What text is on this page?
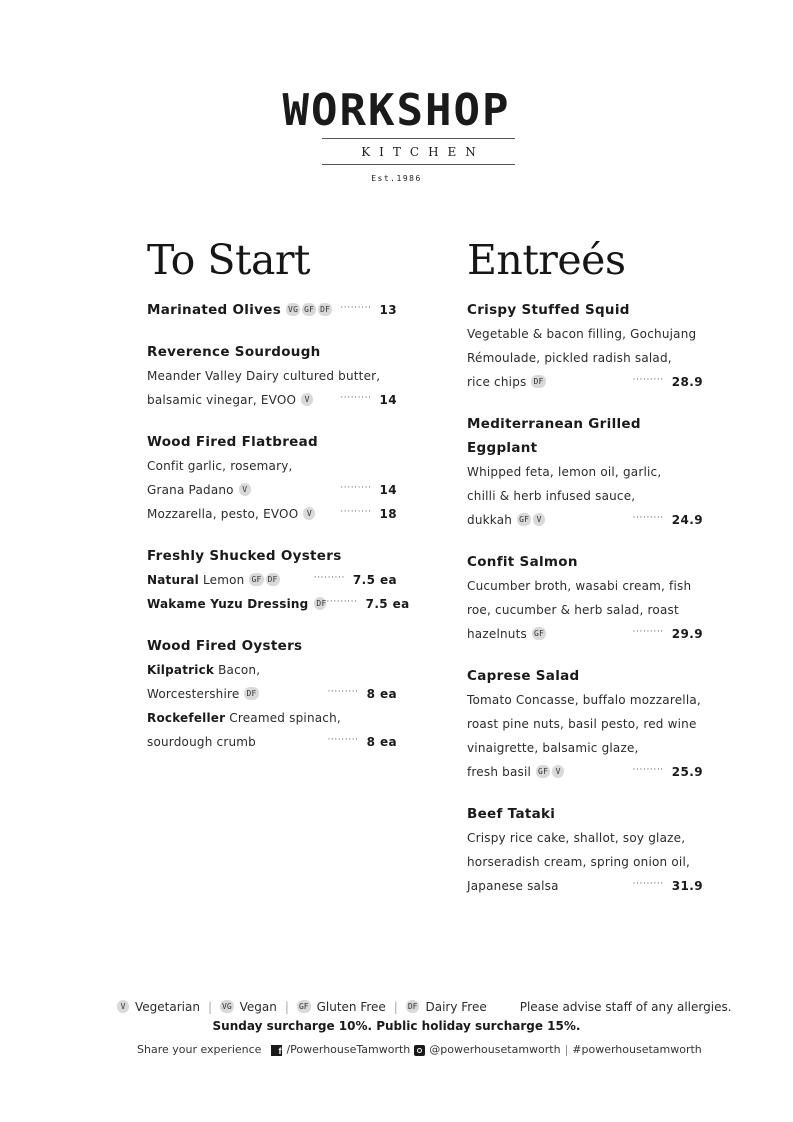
WORKSHOP
KITCHEN
Est.1986
To Start
Marinated Olives VG GF DF ········· 13
Reverence Sourdough
Meander Valley Dairy cultured butter,
balsamic vinegar, EVOO	V	········· 14
Wood Fired Flatbread
Confit garlic, rosemary,
Grana Padano	V	········· 14
Mozzarella, pesto, EVOO	V	········· 18
Freshly Shucked Oysters
Natural Lemon GF DF	········· 7.5 ea
Wakame Yuzu Dressing DF ········· 7.5 ea
Wood Fired Oysters
Kilpatrick Bacon,
Worcestershire DF	········· 8 ea
Rockefeller Creamed spinach,
sourdough crumb	········· 8 ea
Entreés
Crispy Stuffed Squid
Vegetable & bacon filling, Gochujang
Rémoulade, pickled radish salad,
rice chips DF	········· 28.9
Mediterranean Grilled
Eggplant
Whipped feta, lemon oil, garlic,
chilli & herb infused sauce,
dukkah GF V	········· 24.9
Confit Salmon
Cucumber broth, wasabi cream, fish
roe, cucumber & herb salad, roast
hazelnuts GF	········· 29.9
Caprese Salad
Tomato Concasse, buffalo mozzarella,
roast pine nuts, basil pesto, red wine
vinaigrette, balsamic glaze,
fresh basil GF V	········· 25.9
Beef Tataki
Crispy rice cake, shallot, soy glaze,
horseradish cream, spring onion oil,
Japanese salsa	········· 31.9
V Vegetarian | VG Vegan | GF Gluten Free | DF Dairy Free	Please advise staff of any allergies.
Sunday surcharge 10%. Public holiday surcharge 15%.
Share your experience	f /PowerhouseTamworth @powerhousetamworth | #powerhousetamworth
